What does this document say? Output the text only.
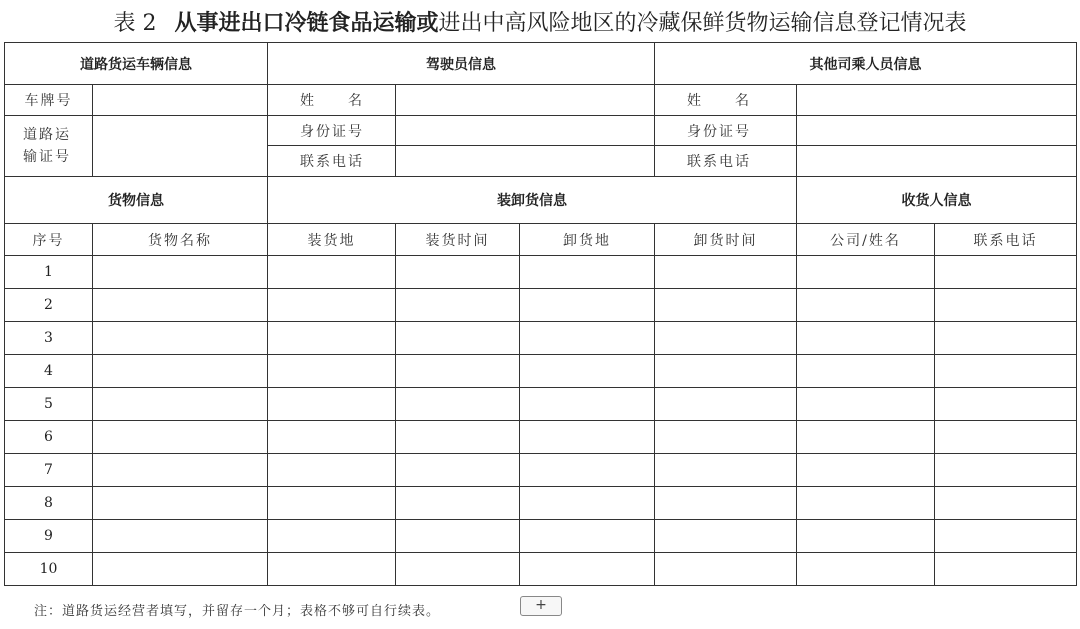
表 2 从事进出口冷链食品运输或进出中高风险地区的冷藏保鲜货物运输信息登记情况表
道路货运车辆信息		驾驶员信息			其他司乘人员信息		
车牌号		姓　　名			姓　　名		
道路运
输证号		身份证号			身份证号		
		联系电话			联系电话		
货物信息		装卸货信息				收货人信息	
序号	货物名称	装货地	装货时间	卸货地	卸货时间	公司/姓名	联系电话
1							
2							
3							
4							
5							
6							
7							
8							
9							
10							
注：道路货运经营者填写，并留存一个月；表格不够可自行续表。	+
